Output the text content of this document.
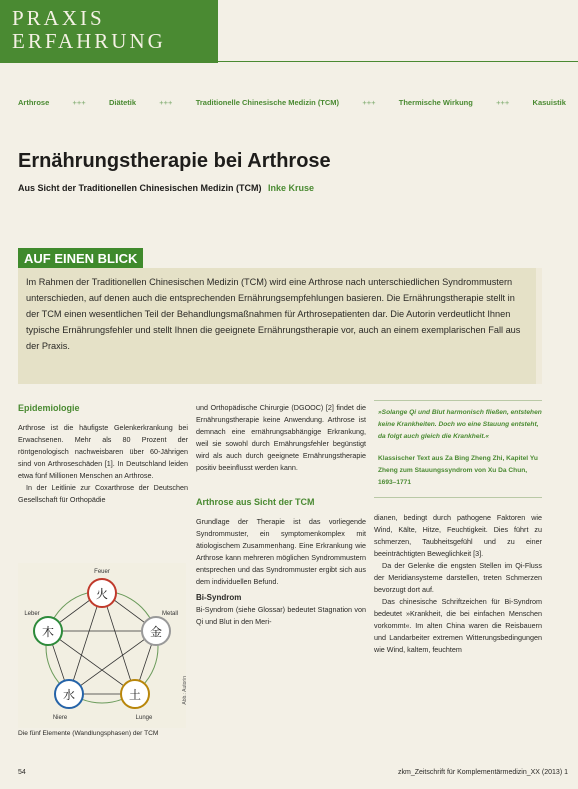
PRAXIS
ERFAHRUNG
Arthrose	+++	Diätetik	+++	Traditionelle Chinesische Medizin (TCM)	+++	Thermische Wirkung	+++	Kasuistik
Ernährungstherapie bei Arthrose
Aus Sicht der Traditionellen Chinesischen Medizin (TCM) Inke Kruse
AUF EINEN BLICK
Im Rahmen der Traditionellen Chinesischen Medizin (TCM) wird eine Arthrose nach unterschiedlichen Syndrommustern unterschieden, auf denen auch die entsprechenden Ernährungsempfehlungen basieren. Die Ernährungstherapie stellt in der TCM einen wesentlichen Teil der Behandlungsmaßnahmen für Arthrosepatienten dar. Die Autorin verdeutlicht Ihnen typische Ernährungsfehler und stellt Ihnen die geeignete Ernährungstherapie vor, auch an einem exemplarischen Fall aus der Praxis.
Epidemiologie
Arthrose ist die häufigste Gelenkerkrankung bei Erwachsenen. Mehr als 80 Prozent der röntgenologisch nachweisbaren über 60-Jährigen sind von Arthroseschäden [1]. In Deutschland leiden etwa fünf Millionen Menschen an Arthrose.
In der Leitlinie zur Coxarthrose der Deutschen Gesellschaft für Orthopädie
und Orthopädische Chirurgie (DGOOC) [2] findet die Ernährungstherapie keine Anwendung. Arthrose ist demnach eine ernährungsabhängige Erkrankung, weil sie sowohl durch Ernährungsfehler begünstigt wird als auch durch geeignete Ernährungstherapie positiv beeinflusst werden kann.
Arthrose aus Sicht der TCM
Grundlage der Therapie ist das vorliegende Syndrommuster, ein symptomenkomplex mit ätiologischem Zusammenhang. Eine Erkrankung wie Arthrose kann mehreren möglichen Syndrommustern entsprechen und das Syndrommuster ergibt sich aus dem individuellen Befund.
Bi-Syndrom
Bi-Syndrom (siehe Glossar) bedeutet Stagnation von Qi und Blut in den Meri-
»Solange Qi und Blut harmonisch fließen, entstehen keine Krankheiten. Doch wo eine Stauung entsteht, da folgt auch gleich die Krankheit.«
Klassischer Text aus Za Bing Zheng Zhi, Kapitel Yu Zheng zum Stauungssyndrom von Xu Da Chun, 1693–1771
dianen, bedingt durch pathogene Faktoren wie Wind, Kälte, Hitze, Feuchtigkeit. Dies führt zu schmerzen, Taubheitsgefühl und zu einer beeinträchtigten Beweglichkeit [3].
Da der Gelenke die engsten Stellen im Qi-Fluss der Meridiansysteme darstellen, treten Schmerzen bevorzugt dort auf.
Das chinesische Schriftzeichen für Bi-Syndrom bedeutet »Krankheit, die bei einfachen Menschen vorkommt«. Im alten China waren die Reisbauern und Landarbeiter extremen Witterungsbedingungen wie Wind, kaltem, feuchtem
火
木	金
水	土
Feuer
Leber	Metall
Niere	Lunge
Abb.: Autorin
Die fünf Elemente (Wandlungsphasen) der TCM
54	zkm_Zeitschrift für Komplementärmedizin_XX (2013) 1
